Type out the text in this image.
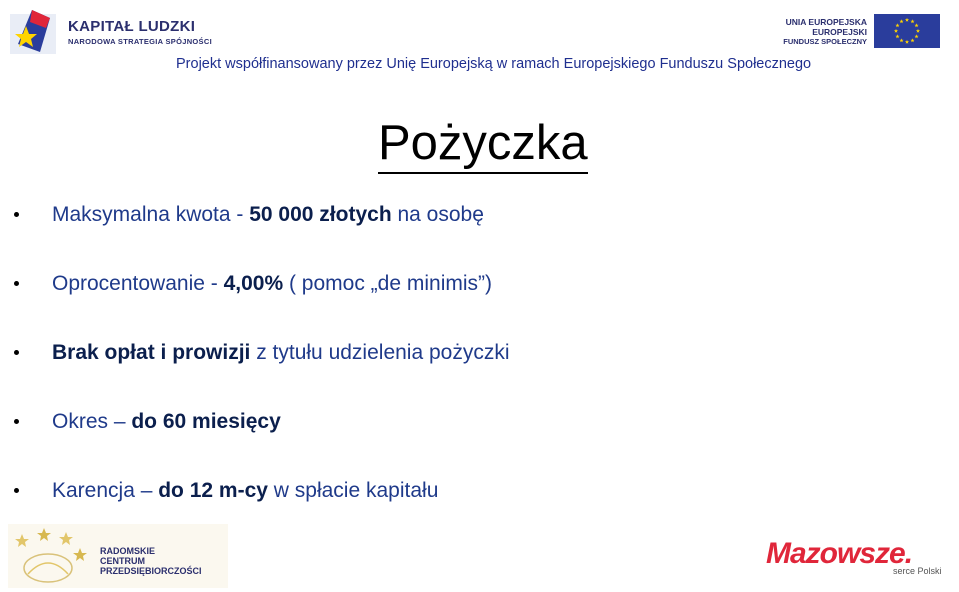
KAPITAŁ LUDZKI
NARODOWA STRATEGIA SPÓJNOŚCI
UNIA EUROPEJSKA
EUROPEJSKI
FUNDUSZ SPOŁECZNY
Projekt współfinansowany przez Unię Europejską w ramach Europejskiego Funduszu Społecznego
Pożyczka
Maksymalna kwota - 50 000 złotych na osobę
Oprocentowanie - 4,00% ( pomoc „de minimis”)
Brak opłat i prowizji z tytułu udzielenia pożyczki
Okres – do 60 miesięcy
Karencja – do 12 m-cy w spłacie kapitału
RADOMSKIE
CENTRUM
PRZEDSIĘBIORCZOŚCI
Mazowsze.
serce Polski
